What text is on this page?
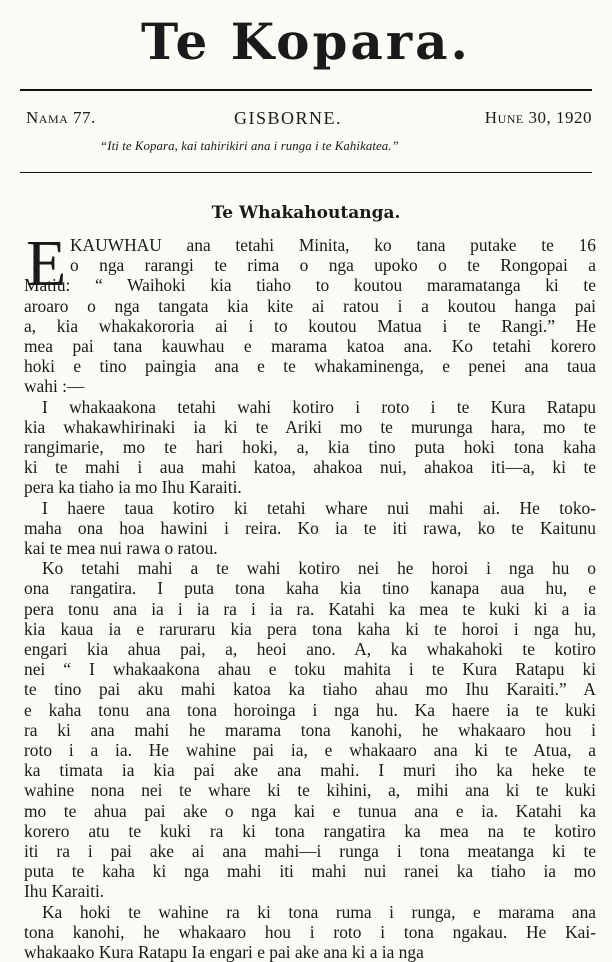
Te Kopara.
Nama 77.	GISBORNE.	Hune 30, 1920
“Iti te Kopara, kai tahirikiri ana i runga i te Kahikatea.”
Te Whakahoutanga.
E KAUWHAU ana tetahi Minita, ko tana putake te 16
o nga rarangi te rima o nga upoko o te Rongopai a
Matiu: “ Waihoki kia tiaho to koutou maramatanga ki te
aroaro o nga tangata kia kite ai ratou i a koutou hanga pai
a, kia whakakororia ai i to koutou Matua i te Rangi.” He
mea pai tana kauwhau e marama katoa ana. Ko tetahi korero
hoki e tino paingia ana e te whakaminenga, e penei ana taua
wahi :—
I whakaakona tetahi wahi kotiro i roto i te Kura Ratapu
kia whakawhirinaki ia ki te Ariki mo te murunga hara, mo te
rangimarie, mo te hari hoki, a, kia tino puta hoki tona kaha
ki te mahi i aua mahi katoa, ahakoa nui, ahakoa iti—a, ki te
pera ka tiaho ia mo Ihu Karaiti.
I haere taua kotiro ki tetahi whare nui mahi ai. He toko-
maha ona hoa hawini i reira. Ko ia te iti rawa, ko te Kaitunu
kai te mea nui rawa o ratou.
Ko tetahi mahi a te wahi kotiro nei he horoi i nga hu o
ona rangatira. I puta tona kaha kia tino kanapa aua hu, e
pera tonu ana ia i ia ra i ia ra. Katahi ka mea te kuki ki a ia
kia kaua ia e raruraru kia pera tona kaha ki te horoi i nga hu,
engari kia ahua pai, a, heoi ano. A, ka whakahoki te kotiro
nei “ I whakaakona ahau e toku mahita i te Kura Ratapu ki
te tino pai aku mahi katoa ka tiaho ahau mo Ihu Karaiti.” A
e kaha tonu ana tona horoinga i nga hu. Ka haere ia te kuki
ra ki ana mahi he marama tona kanohi, he whakaaro hou i
roto i a ia. He wahine pai ia, e whakaaro ana ki te Atua, a
ka timata ia kia pai ake ana mahi. I muri iho ka heke te
wahine nona nei te whare ki te kihini, a, mihi ana ki te kuki
mo te ahua pai ake o nga kai e tunua ana e ia. Katahi ka
korero atu te kuki ra ki tona rangatira ka mea na te kotiro
iti ra i pai ake ai ana mahi—i runga i tona meatanga ki te
puta te kaha ki nga mahi iti mahi nui ranei ka tiaho ia mo
Ihu Karaiti.
Ka hoki te wahine ra ki tona ruma i runga, e marama ana
tona kanohi, he whakaaro hou i roto i tona ngakau. He Kai-
whakaako Kura Ratapu Ia engari e pai ake ana ki a ia nga
